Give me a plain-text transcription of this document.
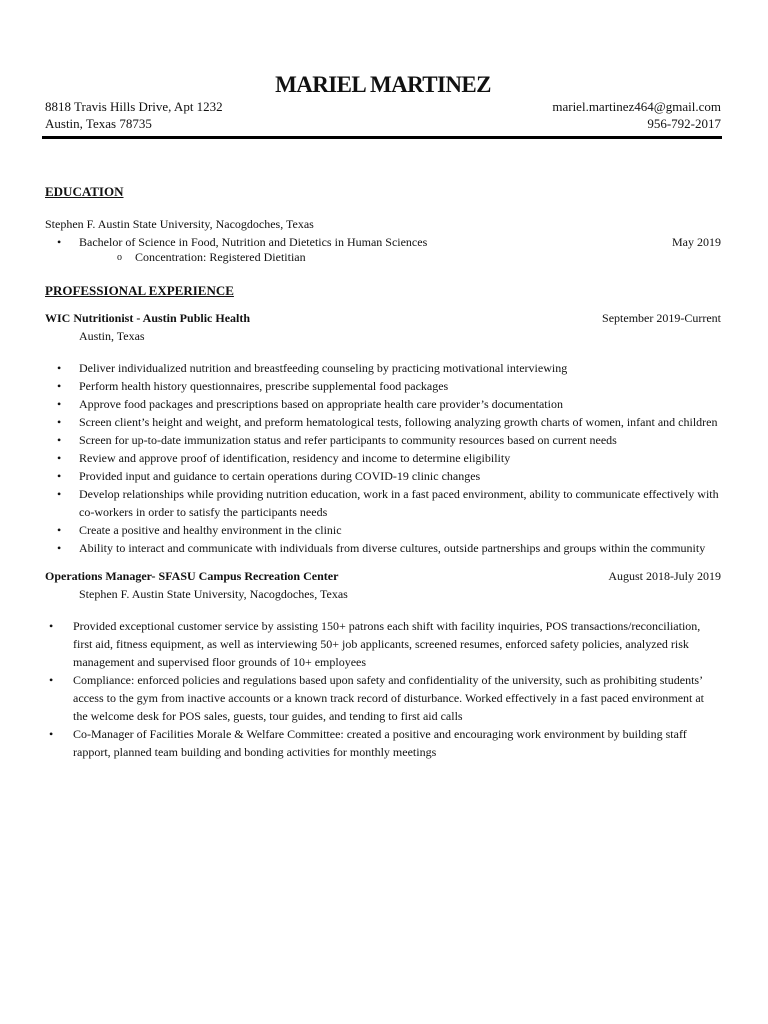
MARIEL MARTINEZ
8818 Travis Hills Drive, Apt 1232
Austin, Texas 78735
mariel.martinez464@gmail.com
956-792-2017
EDUCATION
Stephen F. Austin State University, Nacogdoches, Texas
• Bachelor of Science in Food, Nutrition and Dietetics in Human Sciences	May 2019
o Concentration: Registered Dietitian
PROFESSIONAL EXPERIENCE
WIC Nutritionist - Austin Public Health	September 2019-Current
Austin, Texas
• Deliver individualized nutrition and breastfeeding counseling by practicing motivational interviewing
• Perform health history questionnaires, prescribe supplemental food packages
• Approve food packages and prescriptions based on appropriate health care provider’s documentation
• Screen client’s height and weight, and preform hematological tests, following analyzing growth charts of women, infant and children
• Screen for up-to-date immunization status and refer participants to community resources based on current needs
• Review and approve proof of identification, residency and income to determine eligibility
• Provided input and guidance to certain operations during COVID-19 clinic changes
• Develop relationships while providing nutrition education, work in a fast paced environment, ability to communicate effectively with co-workers in order to satisfy the participants needs
• Create a positive and healthy environment in the clinic
• Ability to interact and communicate with individuals from diverse cultures, outside partnerships and groups within the community
Operations Manager- SFASU Campus Recreation Center	August 2018-July 2019
Stephen F. Austin State University, Nacogdoches, Texas
• Provided exceptional customer service by assisting 150+ patrons each shift with facility inquiries, POS transactions/reconciliation, first aid, fitness equipment, as well as interviewing 50+ job applicants, screened resumes, enforced safety policies, analyzed risk management and supervised floor grounds of 10+ employees
• Compliance: enforced policies and regulations based upon safety and confidentiality of the university, such as prohibiting students’ access to the gym from inactive accounts or a known track record of disturbance. Worked effectively in a fast paced environment at the welcome desk for POS sales, guests, tour guides, and tending to first aid calls
• Co-Manager of Facilities Morale & Welfare Committee: created a positive and encouraging work environment by building staff rapport, planned team building and bonding activities for monthly meetings
